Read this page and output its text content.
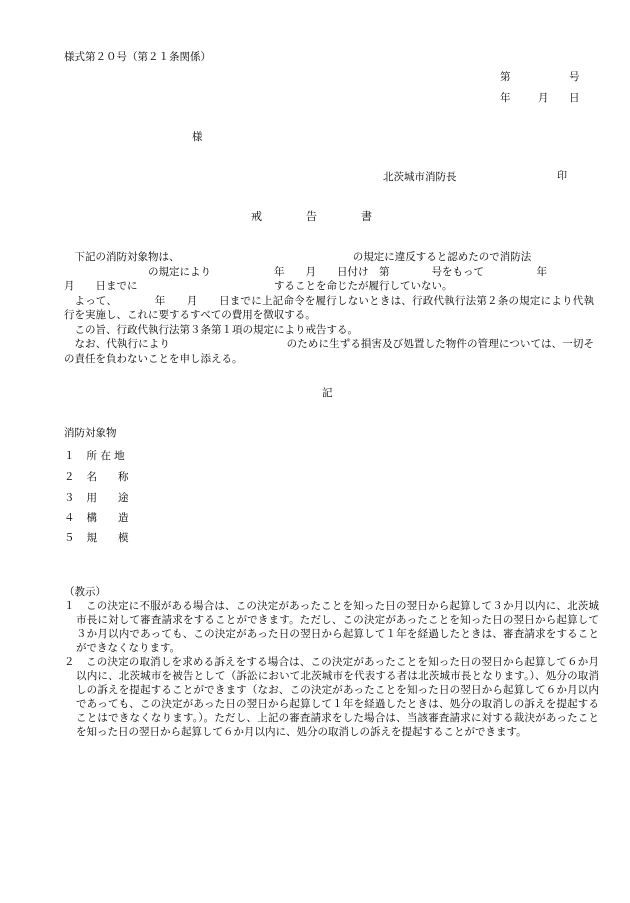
様式第２０号（第２１条関係）
第	号
年	月 日
様
北茨城市消防長	印
戒　　　　告　　　　書

下記の消防対象物は、　　　　　　　　　　　　　　　　　の規定に違反すると認めたので消防法

　　　　　　　　の規定により　　　　　　年　　月　　日付け　第　　　　号をもって　　　　　年

月　　日までに　　　　　　　　　　　　　することを命じたが履行していない。

よって、　　　　年　　月　　日までに上記命令を履行しないときは、行政代執行法第２条の規定により代執行を実施し、これに要するすべての費用を徴収する。

この旨、行政代執行法第３条第１項の規定により戒告する。

なお、代執行により　　　　　　　　　　　のために生ずる損害及び処置した物件の管理については、一切その責任を負わないことを申し添える。

記
消防対象物
１ 所 在 地
２ 名　　称
３ 用　　途
４ 構　　造
５ 規　　模
（教示）
１	この決定に不服がある場合は、この決定があったことを知った日の翌日から起算して３か月以内に、北茨城市長に対して審査請求をすることができます。ただし、この決定があったことを知った日の翌日から起算して３か月以内であっても、この決定があった日の翌日から起算して１年を経過したときは、審査請求をすることができなくなります。
２	この決定の取消しを求める訴えをする場合は、この決定があったことを知った日の翌日から起算して６か月以内に、北茨城市を被告として（訴訟において北茨城市を代表する者は北茨城市長となります。）、処分の取消しの訴えを提起することができます（なお、この決定があったことを知った日の翌日から起算して６か月以内であっても、この決定があった日の翌日から起算して１年を経過したときは、処分の取消しの訴えを提起することはできなくなります。）。ただし、上記の審査請求をした場合は、当該審査請求に対する裁決があったことを知った日の翌日から起算して６か月以内に、処分の取消しの訴えを提起することができます。
